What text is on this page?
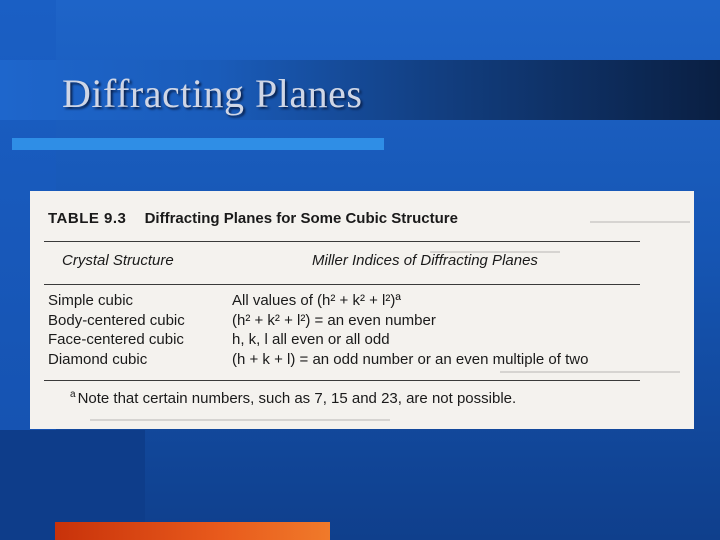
Diffracting Planes
TABLE 9.3 Diffracting Planes for Some Cubic Structure
Crystal Structure	Miller Indices of Diffracting Planes
Simple cubic	All values of (h² + k² + l²)ª
Body-centered cubic	(h² + k² + l²) = an even number
Face-centered cubic	h, k, l all even or all odd
Diamond cubic	(h + k + l) = an odd number or an even multiple of two
$^a$ Note that certain numbers, such as 7, 15 and 23, are not possible.
